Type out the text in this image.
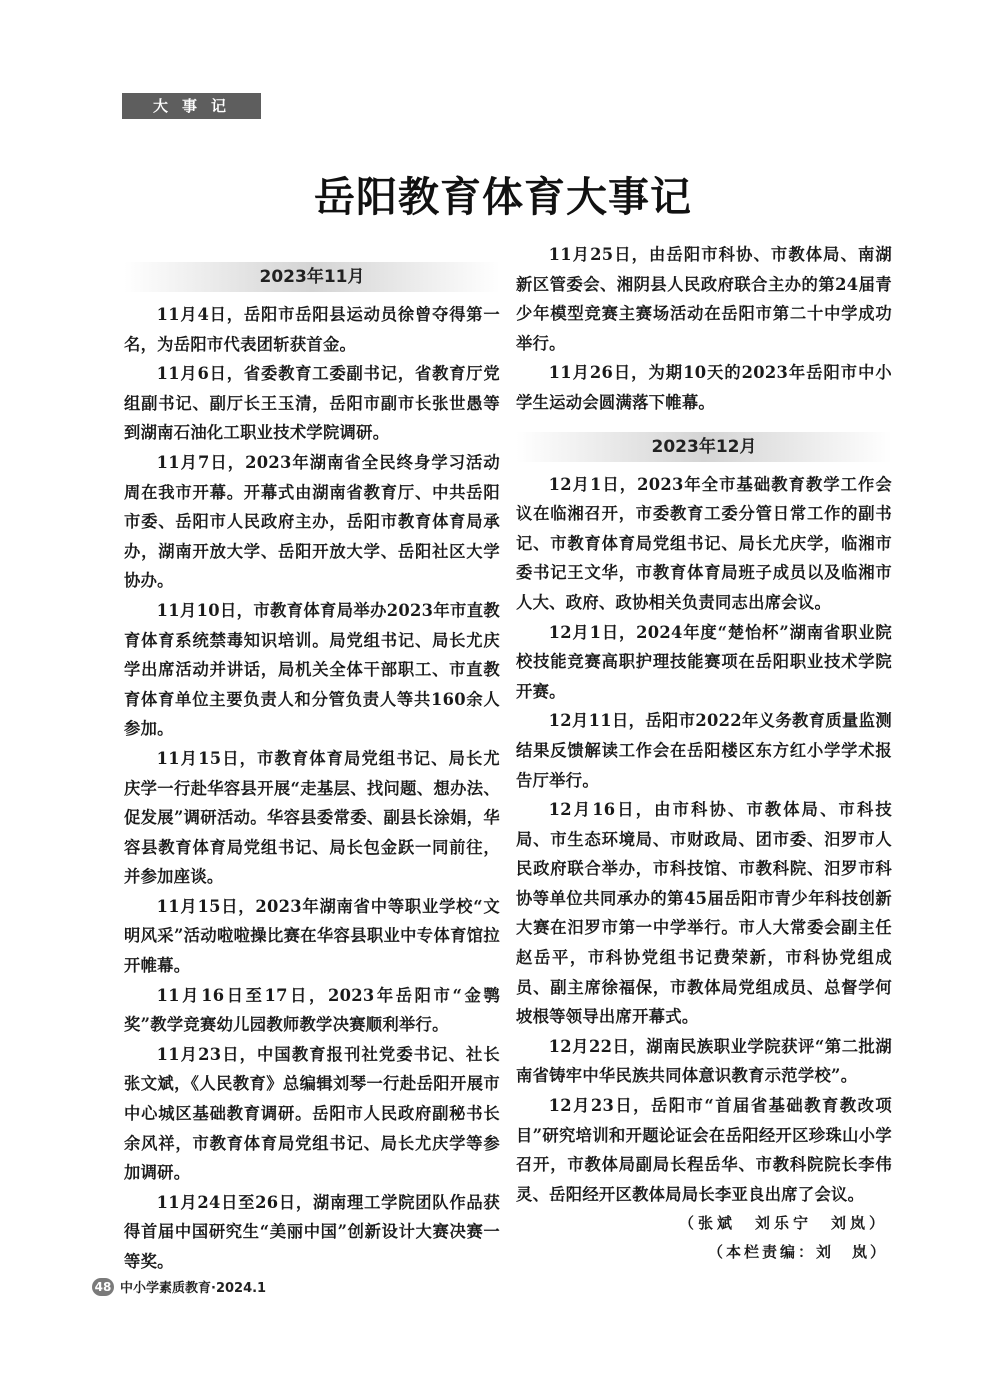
大事记
岳阳教育体育大事记
2023年11月

11月4日，岳阳市岳阳县运动员徐曾夺得第一名，为岳阳市代表团斩获首金。

11月6日，省委教育工委副书记，省教育厅党组副书记、副厅长王玉清，岳阳市副市长张世愚等到湖南石油化工职业技术学院调研。

11月7日，2023年湖南省全民终身学习活动周在我市开幕。开幕式由湖南省教育厅、中共岳阳市委、岳阳市人民政府主办，岳阳市教育体育局承办，湖南开放大学、岳阳开放大学、岳阳社区大学协办。

11月10日，市教育体育局举办2023年市直教育体育系统禁毒知识培训。局党组书记、局长尤庆学出席活动并讲话，局机关全体干部职工、市直教育体育单位主要负责人和分管负责人等共160余人参加。

11月15日，市教育体育局党组书记、局长尤庆学一行赴华容县开展“走基层、找问题、想办法、促发展”调研活动。华容县委常委、副县长涂娟，华容县教育体育局党组书记、局长包金跃一同前往，并参加座谈。

11月15日，2023年湖南省中等职业学校“文明风采”活动啦啦操比赛在华容县职业中专体育馆拉开帷幕。

11月16日至17日，2023年岳阳市“金鹗奖”教学竞赛幼儿园教师教学决赛顺利举行。

11月23日，中国教育报刊社党委书记、社长张文斌，《人民教育》总编辑刘琴一行赴岳阳开展市中心城区基础教育调研。岳阳市人民政府副秘书长余风祥，市教育体育局党组书记、局长尤庆学等参加调研。

11月24日至26日，湖南理工学院团队作品获得首届中国研究生“美丽中国”创新设计大赛决赛一等奖。

11月25日，由岳阳市科协、市教体局、南湖新区管委会、湘阴县人民政府联合主办的第24届青少年模型竞赛主赛场活动在岳阳市第二十中学成功举行。

11月26日，为期10天的2023年岳阳市中小学生运动会圆满落下帷幕。

2023年12月

12月1日，2023年全市基础教育教学工作会议在临湘召开，市委教育工委分管日常工作的副书记、市教育体育局党组书记、局长尤庆学，临湘市委书记王文华，市教育体育局班子成员以及临湘市人大、政府、政协相关负责同志出席会议。

12月1日，2024年度“楚怡杯”湖南省职业院校技能竞赛高职护理技能赛项在岳阳职业技术学院开赛。

12月11日，岳阳市2022年义务教育质量监测结果反馈解读工作会在岳阳楼区东方红小学学术报告厅举行。

12月16日，由市科协、市教体局、市科技局、市生态环境局、市财政局、团市委、汨罗市人民政府联合举办，市科技馆、市教科院、汨罗市科协等单位共同承办的第45届岳阳市青少年科技创新大赛在汨罗市第一中学举行。市人大常委会副主任赵岳平，市科协党组书记费荣新，市科协党组成员、副主席徐福保，市教体局党组成员、总督学何坡根等领导出席开幕式。

12月22日，湖南民族职业学院获评“第二批湖南省铸牢中华民族共同体意识教育示范学校”。

12月23日，岳阳市“首届省基础教育教改项目”研究培训和开题论证会在岳阳经开区珍珠山小学召开，市教体局副局长程岳华、市教科院院长李伟灵、岳阳经开区教体局局长李亚良出席了会议。

（张斌　刘乐宁　刘岚）

（本栏责编：刘　岚）

48 中小学素质教育·2024.1
